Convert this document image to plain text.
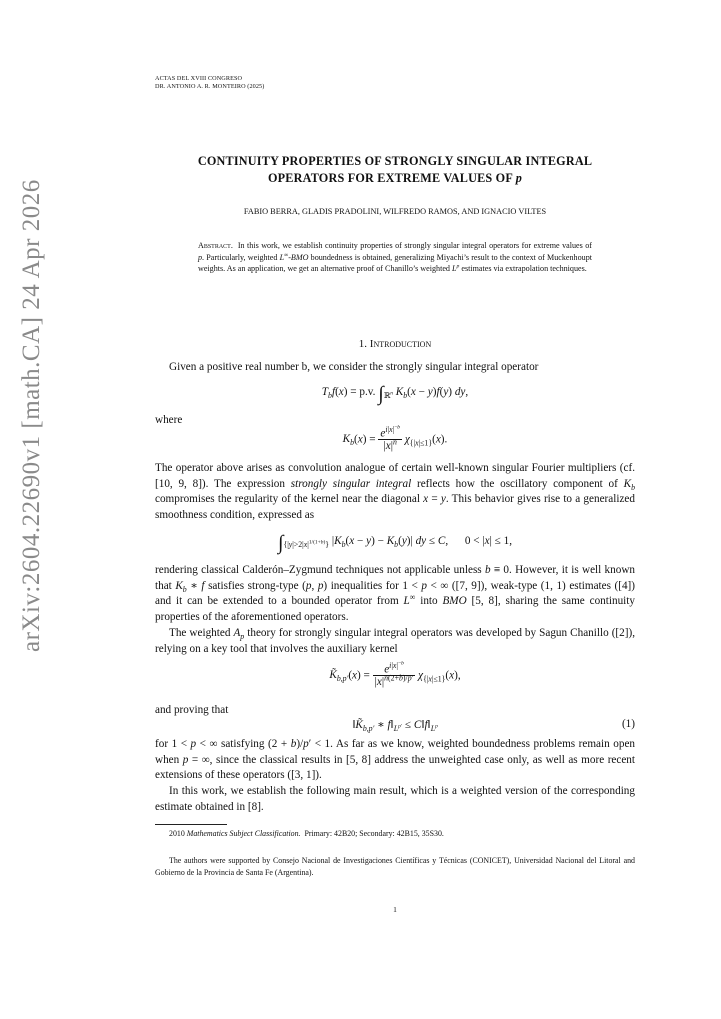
arXiv:2604.22690v1 [math.CA] 24 Apr 2026
ACTAS DEL XVIII CONGRESO
DR. ANTONIO A. R. MONTEIRO (2025)
CONTINUITY PROPERTIES OF STRONGLY SINGULAR INTEGRAL
OPERATORS FOR EXTREME VALUES OF p
FABIO BERRA, GLADIS PRADOLINI, WILFREDO RAMOS, AND IGNACIO VILTES
Abstract.  In this work, we establish continuity properties of strongly singular integral operators for extreme values of p. Particularly, weighted L∞-BMO boundedness is obtained, generalizing Miyachi’s result to the context of Muckenhoupt weights. As an application, we get an alternative proof of Chanillo’s weighted $L^p$ estimates via extrapolation techniques.
1. Introduction
Given a positive real number b, we consider the strongly singular integral operator
$T_bf(x) = p.v$. $\int_{ℝ^n}$ $K_b(x - y)f(y)$ dy,
where
$K_b(x) = \frac{e^{i|x|^{-b}}}{|x|^n} \chi_{\{|x|\le 1\}}(x)$.
The operator above arises as convolution analogue of certain well-known singular Fourier multipliers (cf. [10, 9, 8]). The expression strongly singular integral reflects how the oscillatory component of $K_b$ compromises the regularity of the kernel near the diagonal x = y. This behavior gives rise to a generalized smoothness condition, expressed as
$\int_{\{|y|>2|x|^{1/(1+b)}\}}$ $|K_b(x - y) - K_b(y)|$ dy ≤ C,      0 < |x| ≤ 1,
rendering classical Calderón–Zygmund techniques not applicable unless b ≡ 0. However, it is well known that $K_b$ ∗ f satisfies strong-type (p, p) inequalities for 1 < p < ∞ ([7, 9]), weak-type (1, 1) estimates ([4]) and it can be extended to a bounded operator from L∞ into BMO [5, 8], sharing the same continuity properties of the aforementioned operators.
The weighted $A_p$ theory for strongly singular integral operators was developed by Sagun Chanillo ([2]), relying on a key tool that involves the auxiliary kernel
$K̃_{b,p'}(x) = \frac{e^{i|x|^{-b}}}{|x|^{n(2+b)/p'}} \chi_{\{|x|\le 1\}}(x)$,
and proving that
$‖K̃_{b,p'}$ ∗ $f‖_{L^{p'}}$ ≤ $C‖f‖_{L^p}$	(1)
for 1 < p < ∞ satisfying (2 + b)/p′ < 1. As far as we know, weighted boundedness problems remain open when p = ∞, since the classical results in [5, 8] address the unweighted case only, as well as more recent extensions of these operators ([3, 1]).
In this work, we establish the following main result, which is a weighted version of the corresponding estimate obtained in [8].
2010 Mathematics Subject Classification.  Primary: 42B20; Secondary: 42B15, 35S30.
The authors were supported by Consejo Nacional de Investigaciones Científicas y Técnicas (CONICET), Universidad Nacional del Litoral and Gobierno de la Provincia de Santa Fe (Argentina).
1
